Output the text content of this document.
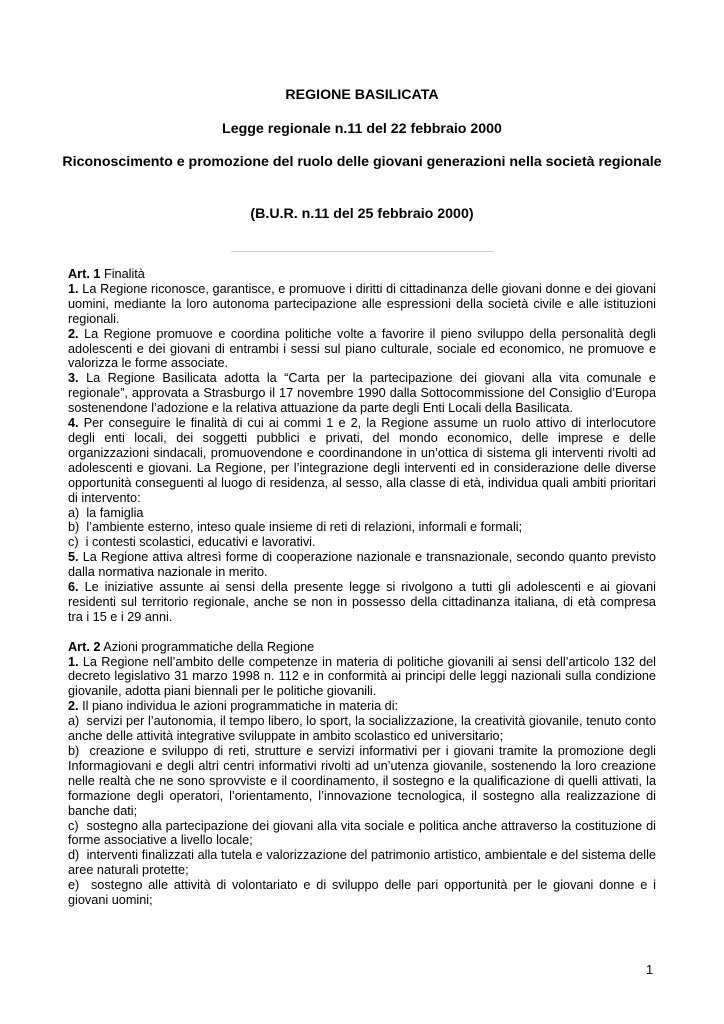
REGIONE BASILICATA

Legge regionale n.11 del 22 febbraio 2000

Riconoscimento e promozione del ruolo delle giovani generazioni nella società regionale

(B.U.R. n.11 del 25 febbraio 2000)

Art. 1 Finalità

1. La Regione riconosce, garantisce, e promuove i diritti di cittadinanza delle giovani donne e dei giovani uomini, mediante la loro autonoma partecipazione alle espressioni della società civile e alle istituzioni regionali.

2. La Regione promuove e coordina politiche volte a favorire il pieno sviluppo della personalità degli adolescenti e dei giovani di entrambi i sessi sul piano culturale, sociale ed economico, ne promuove e valorizza le forme associate.

3. La Regione Basilicata adotta la “Carta per la partecipazione dei giovani alla vita comunale e regionale”, approvata a Strasburgo il 17 novembre 1990 dalla Sottocommissione del Consiglio d’Europa sostenendone l’adozione e la relativa attuazione da parte degli Enti Locali della Basilicata.

4. Per conseguire le finalità di cui ai commi 1 e 2, la Regione assume un ruolo attivo di interlocutore degli enti locali, dei soggetti pubblici e privati, del mondo economico, delle imprese e delle organizzazioni sindacali, promuovendone e coordinandone in un’ottica di sistema gli interventi rivolti ad adolescenti e giovani. La Regione, per l’integrazione degli interventi ed in considerazione delle diverse opportunità conseguenti al luogo di residenza, al sesso, alla classe di età, individua quali ambiti prioritari di intervento:

a) la famiglia

b) l’ambiente esterno, inteso quale insieme di reti di relazioni, informali e formali;

c) i contesti scolastici, educativi e lavorativi.

5. La Regione attiva altresì forme di cooperazione nazionale e transnazionale, secondo quanto previsto dalla normativa nazionale in merito.

6. Le iniziative assunte ai sensi della presente legge si rivolgono a tutti gli adolescenti e ai giovani residenti sul territorio regionale, anche se non in possesso della cittadinanza italiana, di età compresa tra i 15 e i 29 anni.

Art. 2 Azioni programmatiche della Regione

1. La Regione nell’ambito delle competenze in materia di politiche giovanili ai sensi dell’articolo 132 del decreto legislativo 31 marzo 1998 n. 112 e in conformità ai principi delle leggi nazionali sulla condizione giovanile, adotta piani biennali per le politiche giovanili.

2. Il piano individua le azioni programmatiche in materia di:

a) servizi per l’autonomia, il tempo libero, lo sport, la socializzazione, la creatività giovanile, tenuto conto anche delle attività integrative sviluppate in ambito scolastico ed universitario;

b) creazione e sviluppo di reti, strutture e servizi informativi per i giovani tramite la promozione degli Informagiovani e degli altri centri informativi rivolti ad un’utenza giovanile, sostenendo la loro creazione nelle realtà che ne sono sprovviste e il coordinamento, il sostegno e la qualificazione di quelli attivati, la formazione degli operatori, l’orientamento, l’innovazione tecnologica, il sostegno alla realizzazione di banche dati;

c) sostegno alla partecipazione dei giovani alla vita sociale e politica anche attraverso la costituzione di forme associative a livello locale;

d) interventi finalizzati alla tutela e valorizzazione del patrimonio artistico, ambientale e del sistema delle aree naturali protette;

e) sostegno alle attività di volontariato e di sviluppo delle pari opportunità per le giovani donne e i giovani uomini;

1
